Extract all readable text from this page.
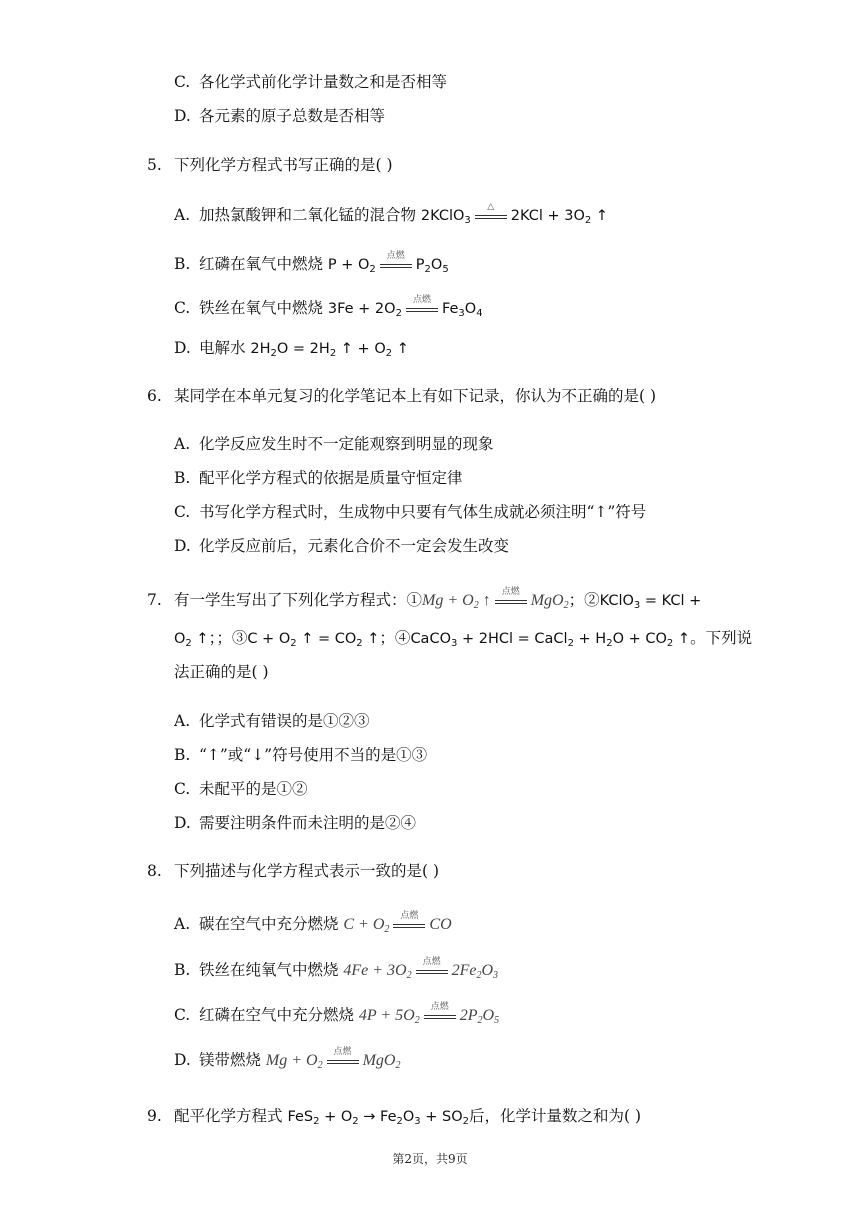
C. 各化学式前化学计量数之和是否相等
D. 各元素的原子总数是否相等
5. 下列化学方程式书写正确的是( )
A. 加热氯酸钾和二氧化锰的混合物 2KClO$_3$
△
$2KCl + 3O_2$ ↑
B. 红磷在氧气中燃烧 $P + O_2$
点燃
$P_2O_5$
C. 铁丝在氧气中燃烧 $3Fe + 2O_2$
点燃
$Fe_3O_4$
D. 电解水 $2H_2O = 2H_2$ ↑ + $O_2$ ↑
6. 某同学在本单元复习的化学笔记本上有如下记录，你认为不正确的是( )
A. 化学反应发生时不一定能观察到明显的现象
B. 配平化学方程式的依据是质量守恒定律
C. 书写化学方程式时，生成物中只要有气体生成就必须注明“↑”符号
D. 化学反应前后，元素化合价不一定会发生改变
7. 有一学生写出了下列化学方程式：①Mg + $O_2$ ↑	点燃 MgO$_2$；②KClO$_3$ = KCl +
$O_2$ ↑；；③C + $O_2$ ↑ = $CO_2$ ↑；④CaCO$_3$ + 2HCl = CaCl$_2$ + $H_2O + CO_2$ ↑。下列说
法正确的是( )
A. 化学式有错误的是①②③
B. “↑”或“↓”符号使用不当的是①③
C. 未配平的是①②
D. 需要注明条件而未注明的是②④
8. 下列描述与化学方程式表示一致的是( )
A. 碳在空气中充分燃烧 $C + O_2$
点燃 CO
B. 铁丝在纯氧气中燃烧 $4Fe + 3O_2$
点燃 $2Fe_2O_3$
C. 红磷在空气中充分燃烧 $4P + 5O_2$
点燃 $2P_2O_5$
D. 镁带燃烧 $Mg + O_2$
点燃 MgO$_2$
9. 配平化学方程式 $FeS_2 + O_2 \to Fe_2O_3 + SO_2$后，化学计量数之和为( )
第2页，共9页
